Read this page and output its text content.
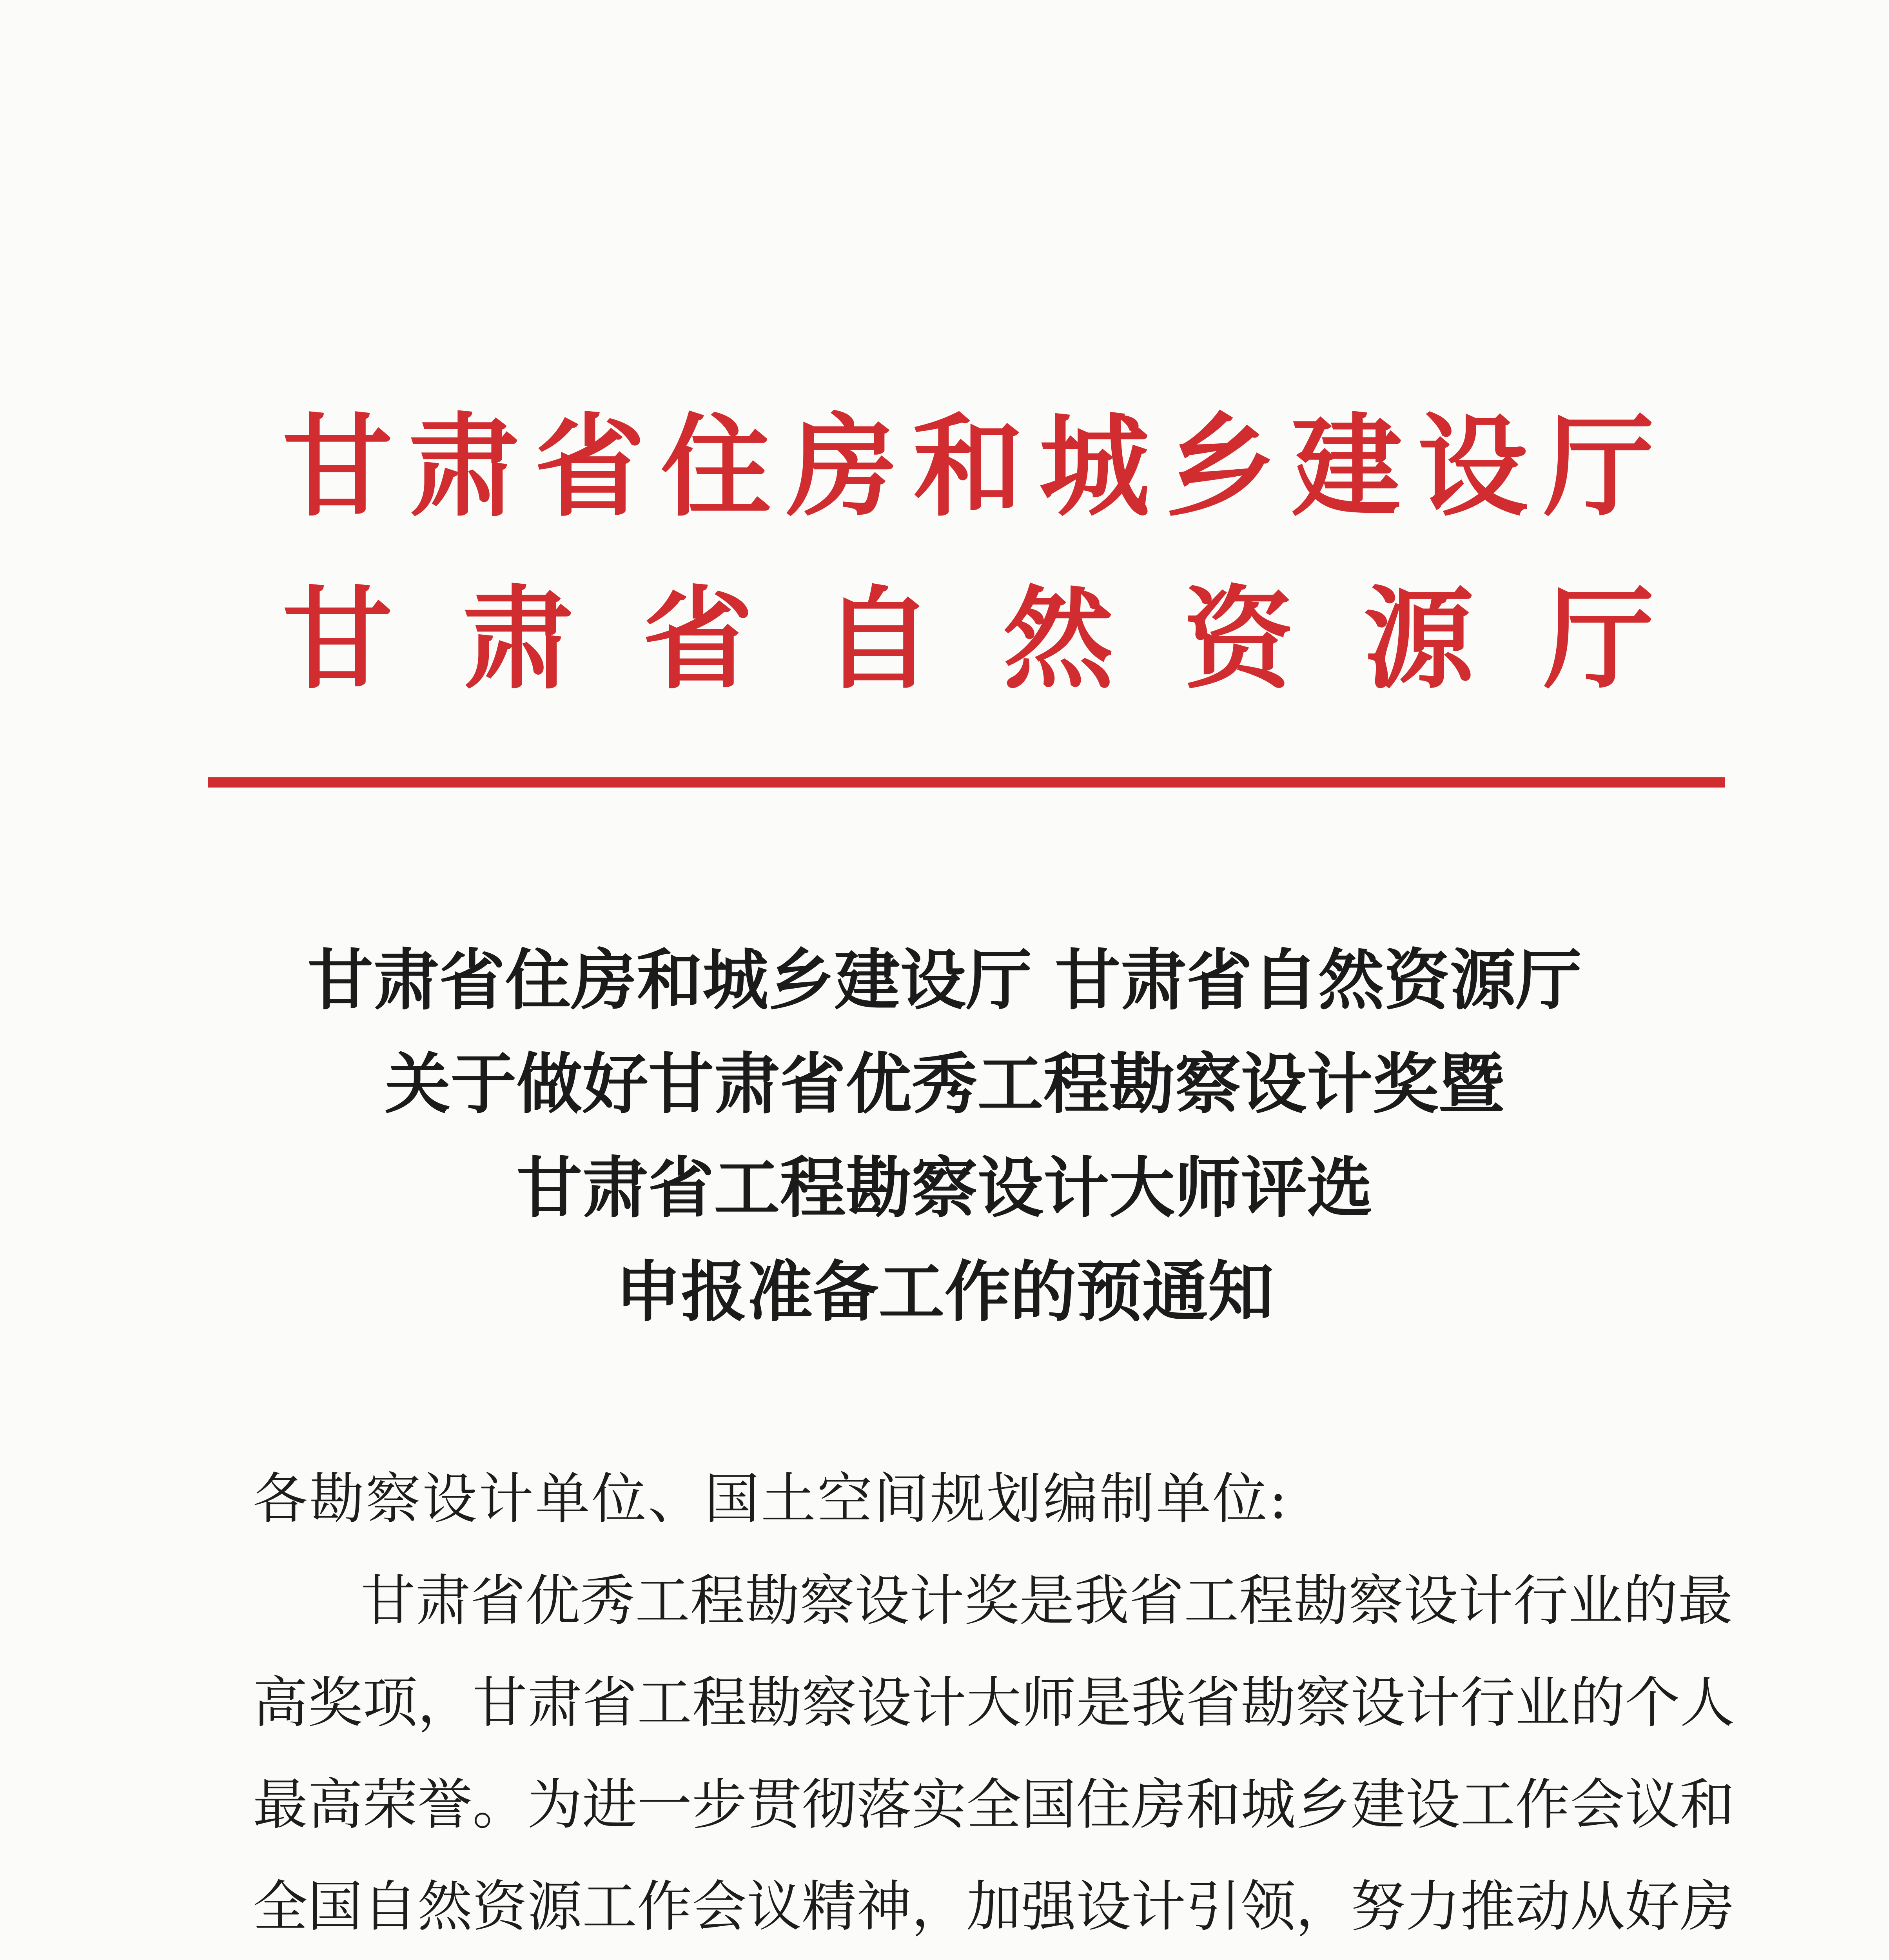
甘 肃 省 住 房 和 城 乡 建 设 厅
甘 肃 省 自 然 资 源 厅
甘肃省住房和城乡建设厅 甘肃省自然资源厅
关于做好甘肃省优秀工程勘察设计奖暨
甘肃省工程勘察设计大师评选
申报准备工作的预通知
各勘察设计单位、国土空间规划编制单位:
甘 肃 省 优 秀 工 程 勘 察 设 计 奖 是 我 省 工 程 勘 察 设 计 行 业 的 最
高 奖 项 ， 甘 肃 省 工 程 勘 察 设 计 大 师 是 我 省 勘 察 设 计 行 业 的 个 人
最 高 荣 誉 。 为 进 一 步 贯 彻 落 实 全 国 住 房 和 城 乡 建 设 工 作 会 议 和
全 国 自 然 资 源 工 作 会 议 精 神 ， 加 强 设 计 引 领 ， 努 力 推 动 从 好 房
